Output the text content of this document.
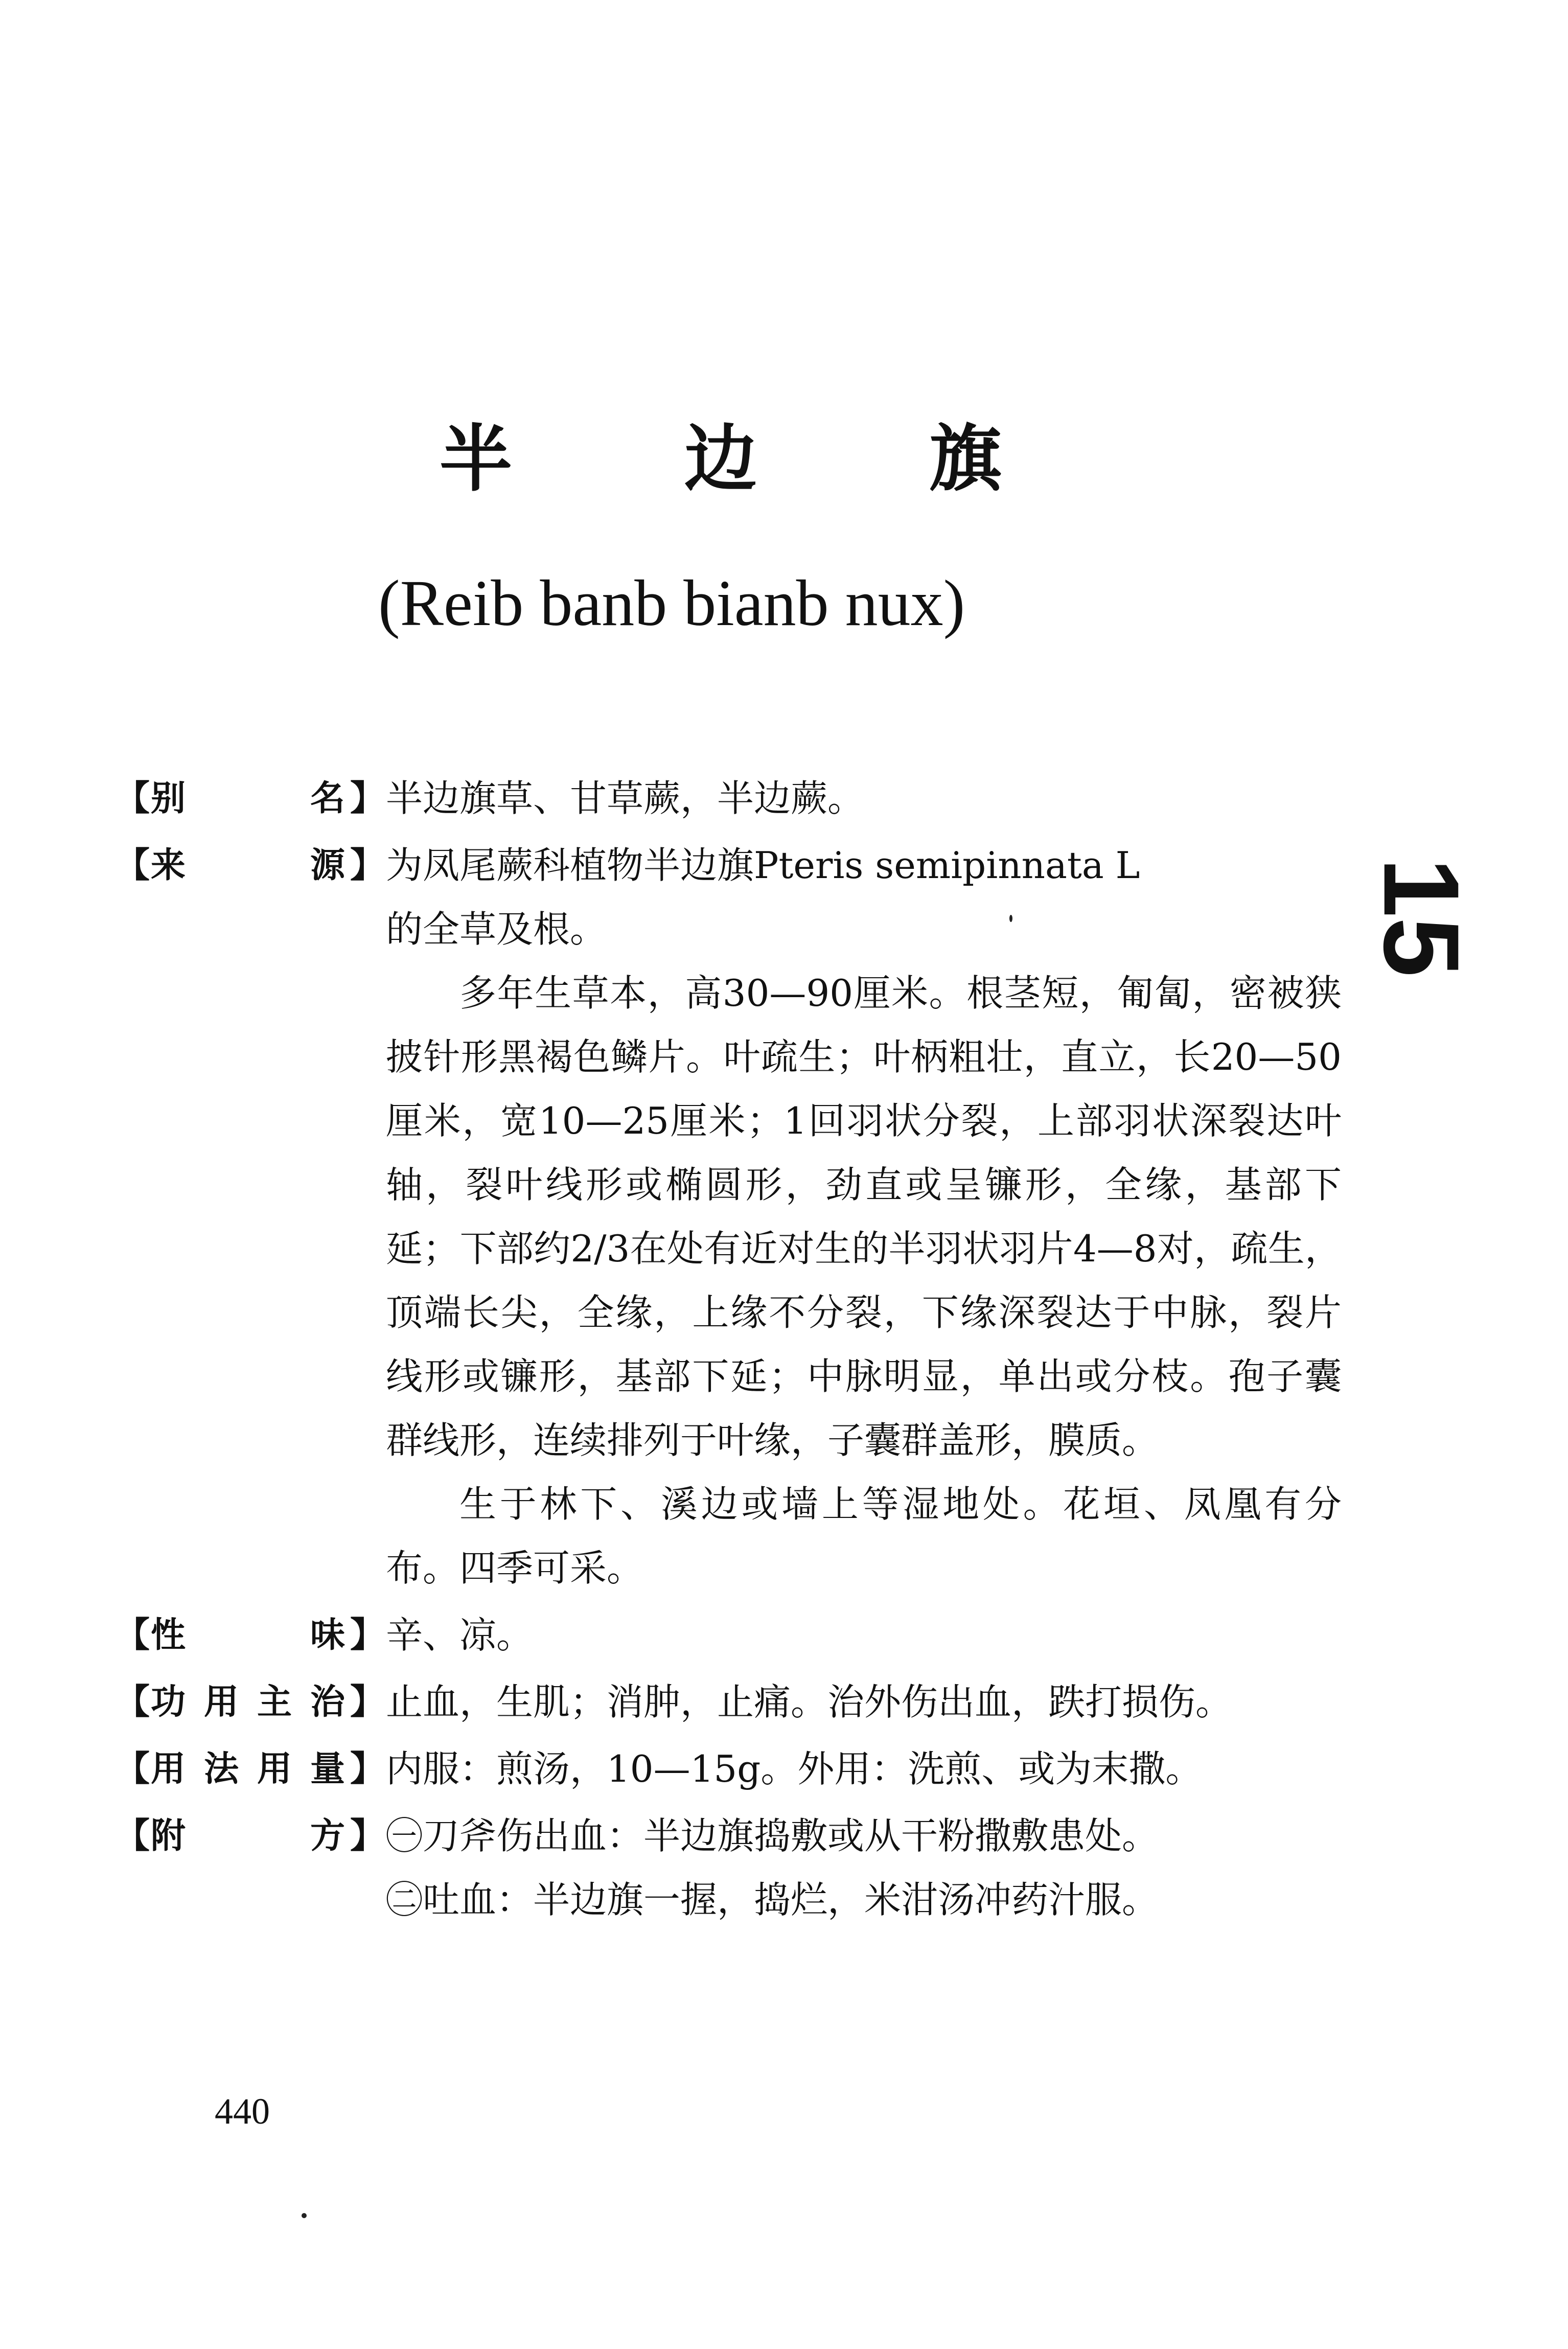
半 边 旗
(Reib banb bianb nux)
15
【 别	名 】 半边旗草、甘草蕨，半边蕨。

【 来	源 】 为凤尾蕨科植物半边旗Pteris semipinnata L

的全草及根。

多年生草本，高30—90厘米。根茎短，匍匐，密被狭披针形黑褐色鳞片。叶疏生；叶柄粗壮，直立，长20—50厘米，宽10—25厘米；1回羽状分裂，上部羽状深裂达叶轴，裂叶线形或椭圆形，劲直或呈镰形，全缘，基部下延；下部约2/3在处有近对生的半羽状羽片4—8对，疏生，顶端长尖，全缘，上缘不分裂，下缘深裂达于中脉，裂片线形或镰形，基部下延；中脉明显，单出或分枝。孢子囊群线形，连续排列于叶缘，子囊群盖形，膜质。

生于林下、溪边或墙上等湿地处。花垣、凤凰有分布。四季可采。

【 性	味 】 辛、凉。

【 功 用 主 治 】 止血，生肌；消肿，止痛。治外伤出血，跌打损伤。

【 用 法 用 量 】 内服：煎汤，10—15g。外用：洗煎、或为末撒。

【 附	方 】 ㊀刀斧伤出血：半边旗捣敷或从干粉撒敷患处。

㊁吐血：半边旗一握，捣烂，米泔汤冲药汁服。

440
